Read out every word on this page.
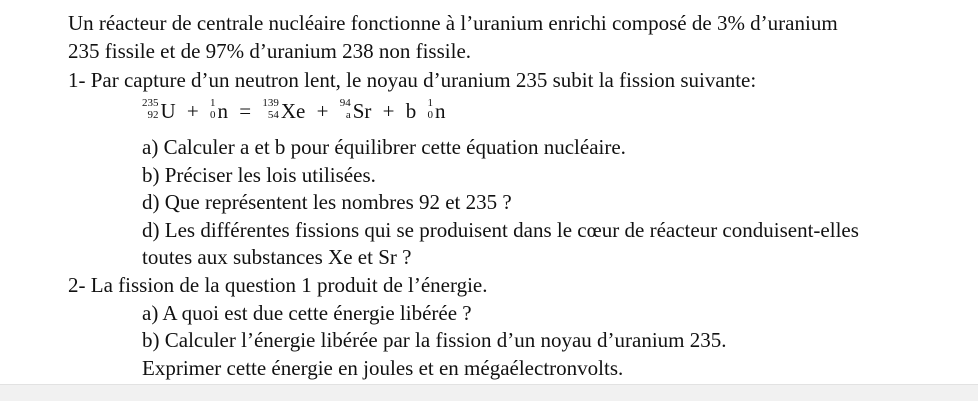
Un réacteur de centrale nucléaire fonctionne à l’uranium enrichi composé de 3% d’uranium
235 fissile et de 97% d’uranium 238 non fissile.
1- Par capture d’un neutron lent, le noyau d’uranium 235 subit la fission suivante:
235
92 U + 1
0 n = 139
54 Xe + 94
a Sr + b 1
0 n
a) Calculer a et b pour équilibrer cette équation nucléaire.
b) Préciser les lois utilisées.
d) Que représentent les nombres 92 et 235 ?
d) Les différentes fissions qui se produisent dans le cœur de réacteur conduisent-elles
toutes aux substances Xe et Sr ?
2- La fission de la question 1 produit de l’énergie.
a) A quoi est due cette énergie libérée ?
b) Calculer l’énergie libérée par la fission d’un noyau d’uranium 235.
Exprimer cette énergie en joules et en mégaélectronvolts.
